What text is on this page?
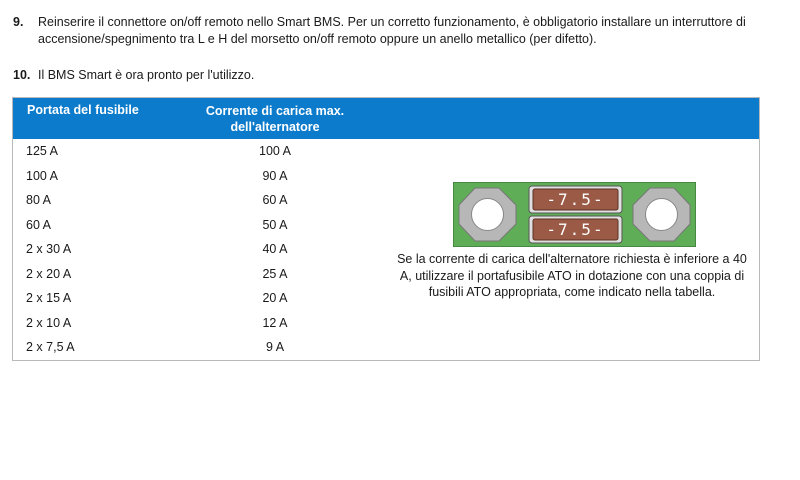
9. Reinserire il connettore on/off remoto nello Smart BMS. Per un corretto funzionamento, è obbligatorio installare un interruttore di accensione/spegnimento tra L e H del morsetto on/off remoto oppure un anello metallico (per difetto).
10. Il BMS Smart è ora pronto per l'utilizzo.
Portata del fusibile	Corrente di carica max. dell'alternatore
125 A	100 A
100 A	90 A
80 A	60 A
60 A	50 A
2 x 30 A	40 A
2 x 20 A	25 A
2 x 15 A	20 A
2 x 10 A	12 A
2 x 7,5 A	9 A
-7.5-
-7.5-
Se la corrente di carica dell'alternatore richiesta è inferiore a 40 A, utilizzare il portafusibile ATO in dotazione con una coppia di fusibili ATO appropriata, come indicato nella tabella.
